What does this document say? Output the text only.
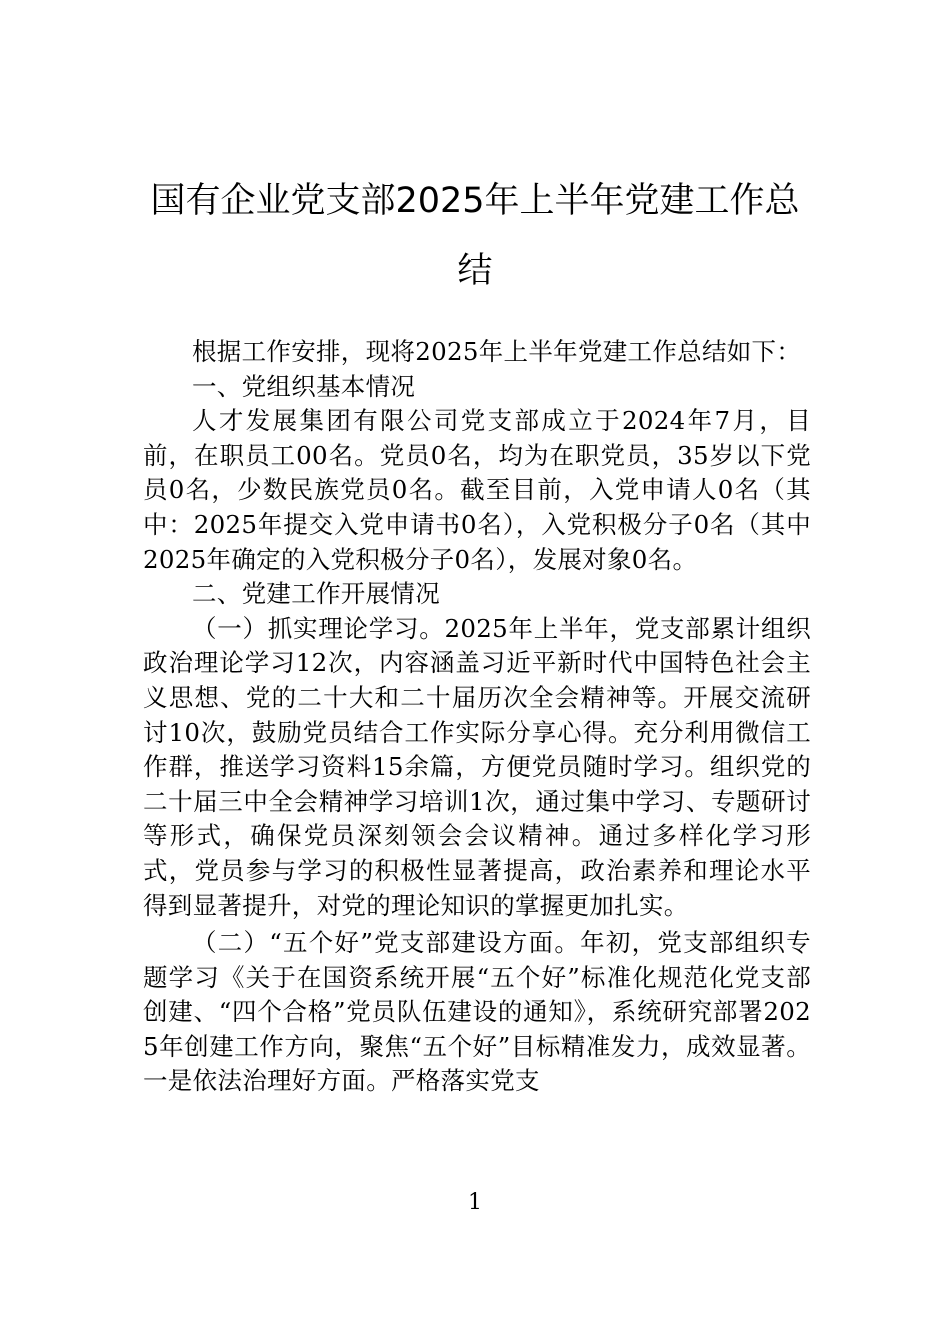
国有企业党支部2025年上半年党建工作总结

根据工作安排，现将2025年上半年党建工作总结如下：

一、党组织基本情况

人才发展集团有限公司党支部成立于2024年7月，目前，在职员工00名。党员0名，均为在职党员，35岁以下党员0名，少数民族党员0名。截至目前，入党申请人0名（其中：2025年提交入党申请书0名），入党积极分子0名（其中2025年确定的入党积极分子0名），发展对象0名。

二、党建工作开展情况

（一）抓实理论学习。2025年上半年，党支部累计组织政治理论学习12次，内容涵盖习近平新时代中国特色社会主义思想、党的二十大和二十届历次全会精神等。开展交流研讨10次，鼓励党员结合工作实际分享心得。充分利用微信工作群，推送学习资料15余篇，方便党员随时学习。组织党的二十届三中全会精神学习培训1次，通过集中学习、专题研讨等形式，确保党员深刻领会会议精神。通过多样化学习形式，党员参与学习的积极性显著提高，政治素养和理论水平得到显著提升，对党的理论知识的掌握更加扎实。

（二）“五个好”党支部建设方面。年初，党支部组织专题学习《关于在国资系统开展“五个好”标准化规范化党支部创建、“四个合格”党员队伍建设的通知》，系统研究部署2025年创建工作方向，聚焦“五个好”目标精准发力，成效显著。一是依法治理好方面。严格落实党支

1
